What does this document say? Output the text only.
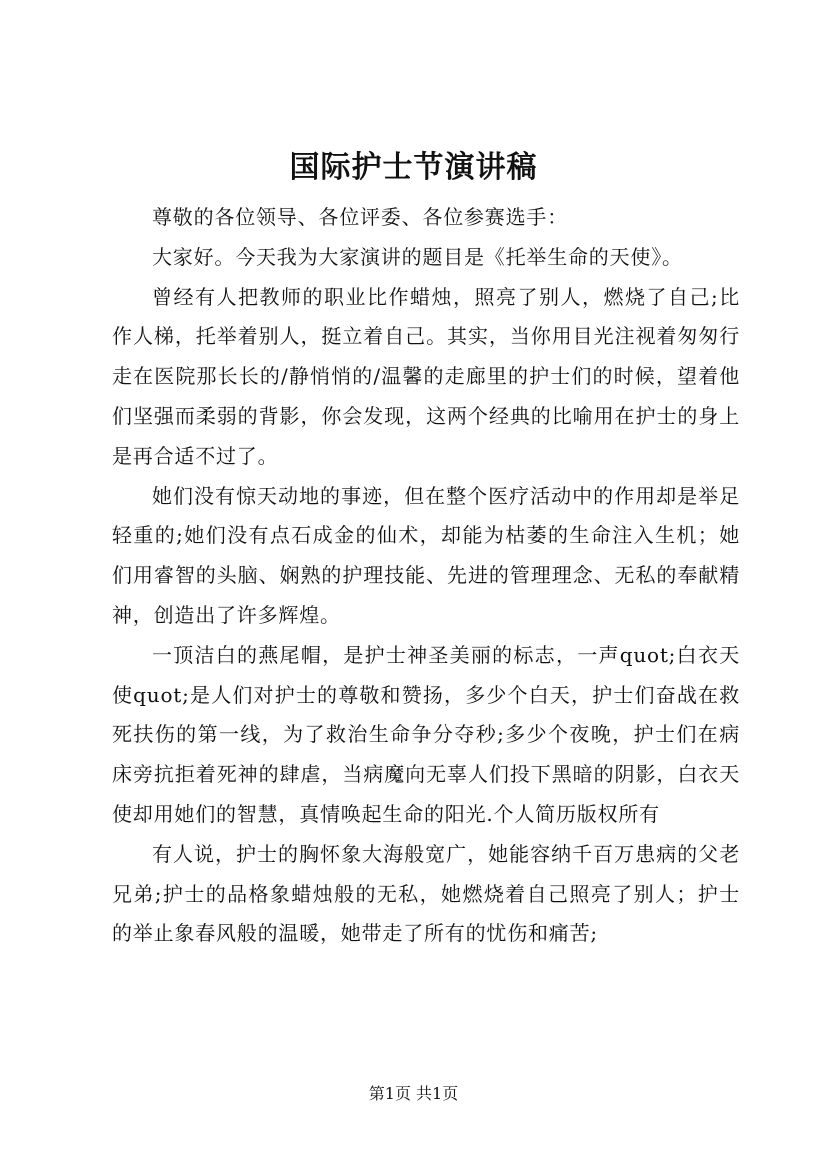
国际护士节演讲稿

尊敬的各位领导、各位评委、各位参赛选手：

大家好。今天我为大家演讲的题目是《托举生命的天使》。

曾经有人把教师的职业比作蜡烛，照亮了别人，燃烧了自己;比作人梯，托举着别人，挺立着自己。其实，当你用目光注视着匆匆行走在医院那长长的/静悄悄的/温馨的走廊里的护士们的时候，望着他们坚强而柔弱的背影，你会发现，这两个经典的比喻用在护士的身上是再合适不过了。

她们没有惊天动地的事迹，但在整个医疗活动中的作用却是举足轻重的;她们没有点石成金的仙术，却能为枯萎的生命注入生机；她们用睿智的头脑、娴熟的护理技能、先进的管理理念、无私的奉献精神，创造出了许多辉煌。

一顶洁白的燕尾帽，是护士神圣美丽的标志，一声quot;白衣天使quot;是人们对护士的尊敬和赞扬，多少个白天，护士们奋战在救死扶伤的第一线，为了救治生命争分夺秒;多少个夜晚，护士们在病床旁抗拒着死神的肆虐，当病魔向无辜人们投下黑暗的阴影，白衣天使却用她们的智慧，真情唤起生命的阳光.个人简历版权所有

有人说，护士的胸怀象大海般宽广，她能容纳千百万患病的父老兄弟;护士的品格象蜡烛般的无私，她燃烧着自己照亮了别人；护士的举止象春风般的温暖，她带走了所有的忧伤和痛苦;

第1页 共1页
